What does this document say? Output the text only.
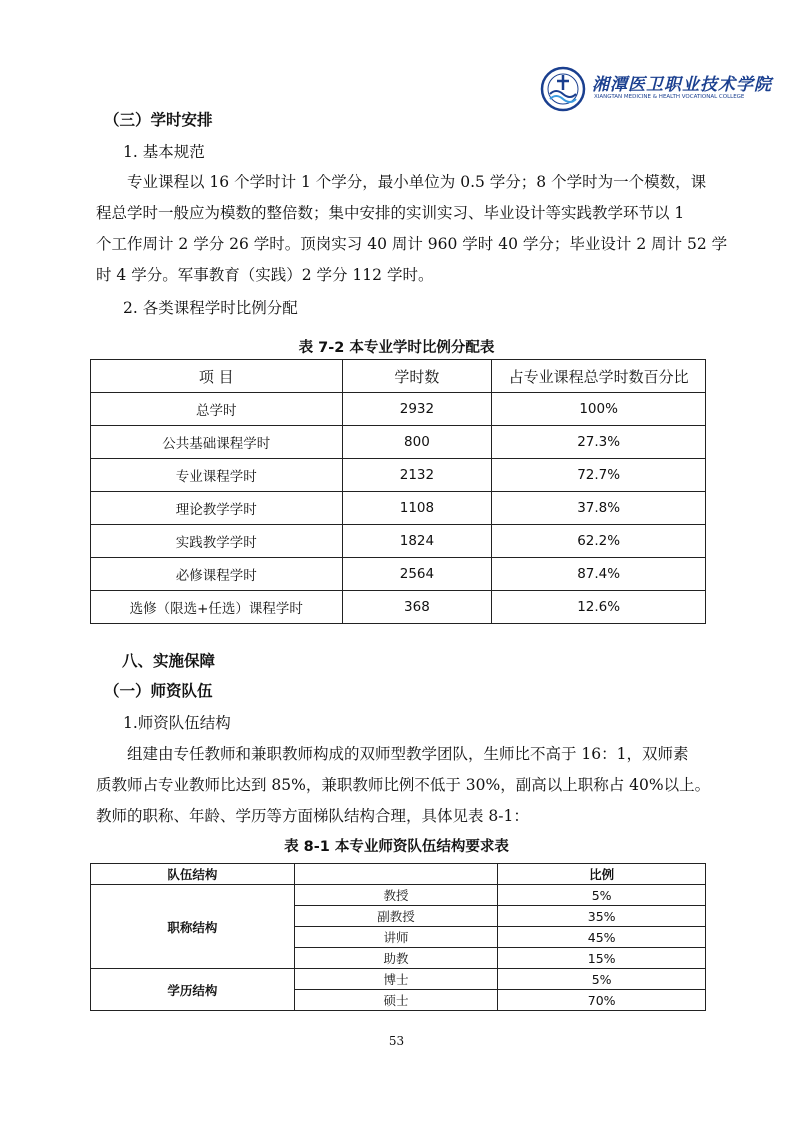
湘潭医卫职业技术学院
XIANGTAN MEDICINE & HEALTH VOCATIONAL COLLEGE
（三）学时安排
1. 基本规范
专业课程以 16 个学时计 1 个学分，最小单位为 0.5 学分；8 个学时为一个模数，课
程总学时一般应为模数的整倍数；集中安排的实训实习、毕业设计等实践教学环节以 1
个工作周计 2 学分 26 学时。顶岗实习 40 周计 960 学时 40 学分；毕业设计 2 周计 52 学
时 4 学分。军事教育（实践）2 学分 112 学时。
2. 各类课程学时比例分配
表 7-2 本专业学时比例分配表
项 目	学时数	占专业课程总学时数百分比
总学时	2932	100%
公共基础课程学时	800	27.3%
专业课程学时	2132	72.7%
理论教学学时	1108	37.8%
实践教学学时	1824	62.2%
必修课程学时	2564	87.4%
选修（限选+任选）课程学时	368	12.6%
八、实施保障
（一）师资队伍
1.师资队伍结构
组建由专任教师和兼职教师构成的双师型教学团队，生师比不高于 16：1，双师素
质教师占专业教师比达到 85%，兼职教师比例不低于 30%，副高以上职称占 40%以上。
教师的职称、年龄、学历等方面梯队结构合理，具体见表 8-1：
表 8-1 本专业师资队伍结构要求表
队伍结构		比例
职称结构	教授	5%
	副教授	35%
	讲师	45%
	助教	15%
学历结构	博士	5%
	硕士	70%
53
